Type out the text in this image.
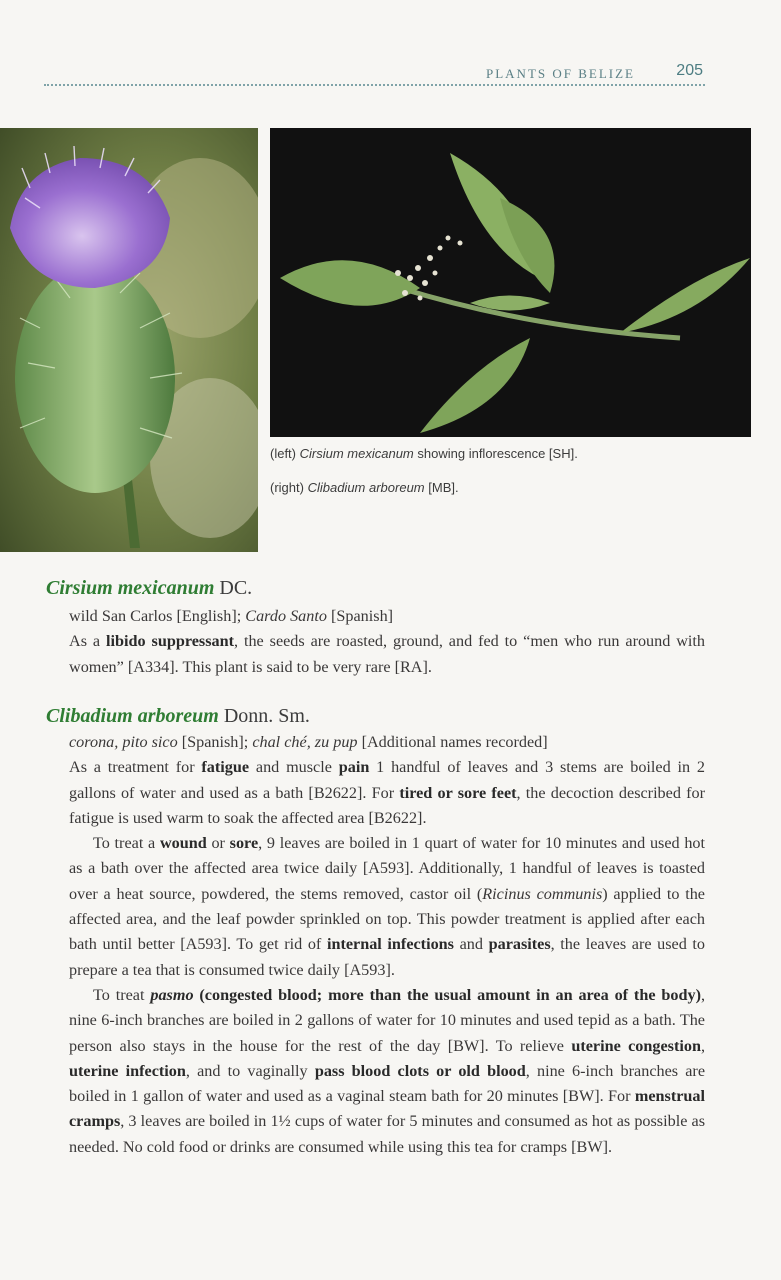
PLANTS OF BELIZE	205
(left) Cirsium mexicanum showing inflorescence [SH].
(right) Clibadium arboreum [MB].
Cirsium mexicanum DC.
wild San Carlos [English]; Cardo Santo [Spanish]
As a libido suppressant, the seeds are roasted, ground, and fed to “men who run around with women” [A334]. This plant is said to be very rare [RA].
Clibadium arboreum Donn. Sm.
corona, pito sico [Spanish]; chal ché, zu pup [Additional names recorded]
As a treatment for fatigue and muscle pain 1 handful of leaves and 3 stems are boiled in 2 gallons of water and used as a bath [B2622]. For tired or sore feet, the decoction described for fatigue is used warm to soak the affected area [B2622].
To treat a wound or sore, 9 leaves are boiled in 1 quart of water for 10 minutes and used hot as a bath over the affected area twice daily [A593]. Additionally, 1 handful of leaves is toasted over a heat source, powdered, the stems removed, castor oil (Ricinus communis) applied to the affected area, and the leaf powder sprinkled on top. This powder treatment is applied after each bath until better [A593]. To get rid of internal infections and parasites, the leaves are used to prepare a tea that is consumed twice daily [A593].
To treat pasmo (congested blood; more than the usual amount in an area of the body), nine 6-inch branches are boiled in 2 gallons of water for 10 minutes and used tepid as a bath. The person also stays in the house for the rest of the day [BW]. To relieve uterine congestion, uterine infection, and to vaginally pass blood clots or old blood, nine 6-inch branches are boiled in 1 gallon of water and used as a vaginal steam bath for 20 minutes [BW]. For menstrual cramps, 3 leaves are boiled in 1½ cups of water for 5 minutes and consumed as hot as possible as needed. No cold food or drinks are consumed while using this tea for cramps [BW].
